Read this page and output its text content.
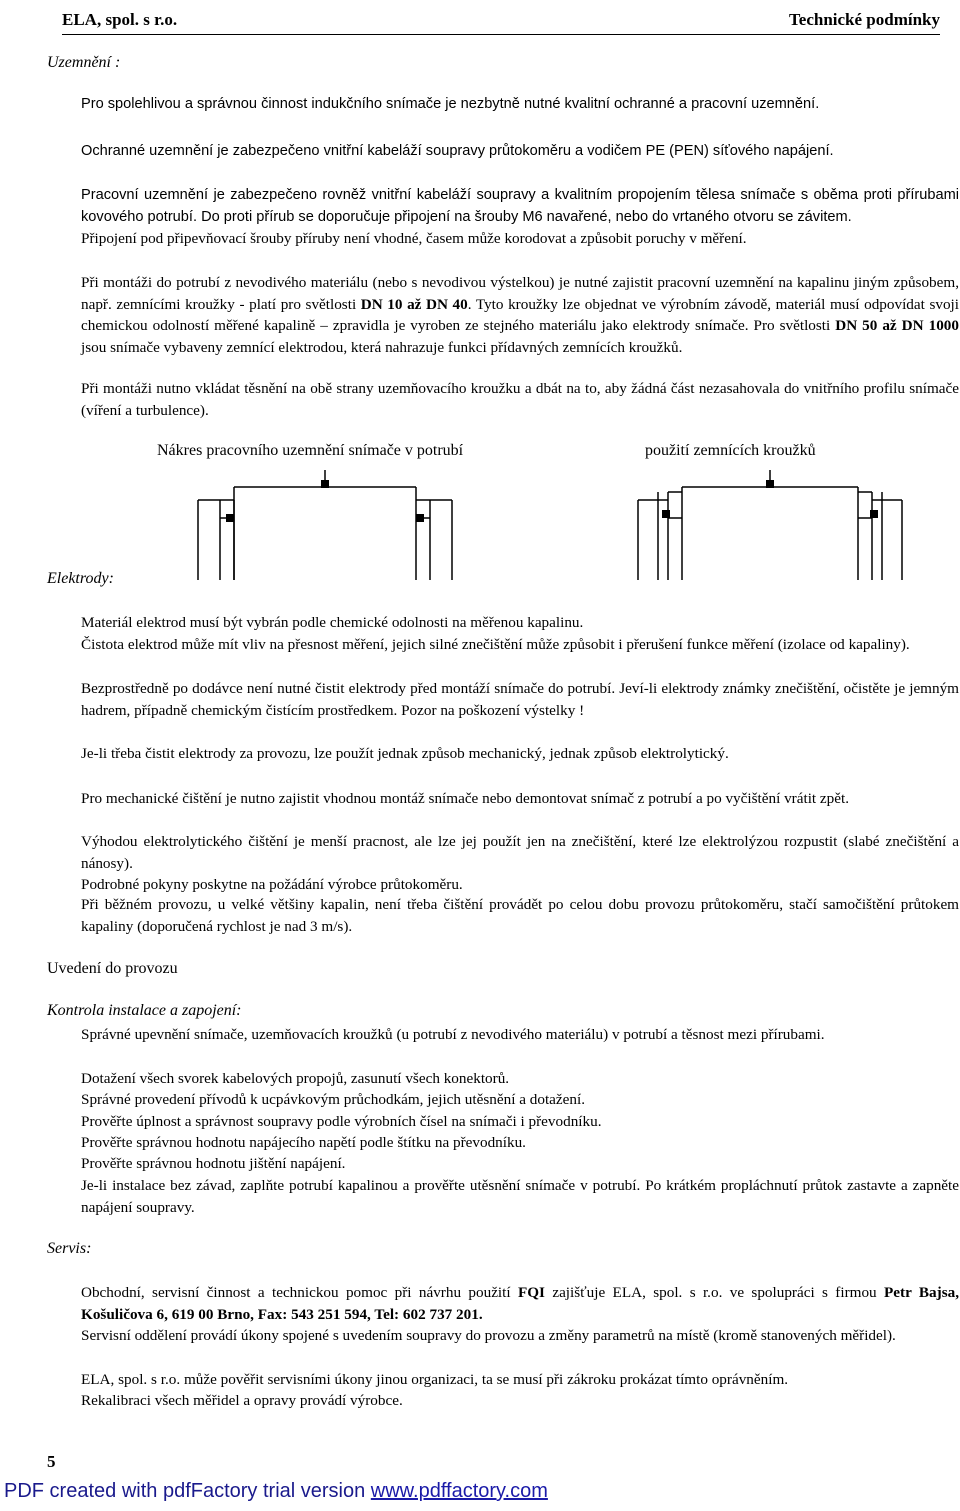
ELA, spol. s r.o.	Technické podmínky
Uzemnění :

Pro spolehlivou a správnou činnost indukčního snímače je nezbytně nutné kvalitní ochranné a pracovní uzemnění.

Ochranné uzemnění je zabezpečeno vnitřní kabeláží soupravy průtokoměru a vodičem PE (PEN) síťového napájení.

Pracovní uzemnění je zabezpečeno rovněž vnitřní kabeláží soupravy a kvalitním propojením tělesa snímače s oběma proti přírubami kovového potrubí. Do proti přírub se doporučuje připojení na šrouby M6 navařené, nebo do vrtaného otvoru se závitem.

Připojení pod připevňovací šrouby příruby není vhodné, časem může korodovat a způsobit poruchy v měření.

Při montáži do potrubí z nevodivého materiálu (nebo s nevodivou výstelkou) je nutné zajistit pracovní uzemnění na kapalinu jiným způsobem, např. zemnícími kroužky - platí pro světlosti DN 10 až DN 40. Tyto kroužky lze objednat ve výrobním závodě, materiál musí odpovídat svoji chemickou odolností měřené kapalině – zpravidla je vyroben ze stejného materiálu jako elektrody snímače. Pro světlosti DN 50 až DN 1000 jsou snímače vybaveny zemnící elektrodou, která nahrazuje funkci přídavných zemnících kroužků.

Při montáži nutno vkládat těsnění na obě strany uzemňovacího kroužku a dbát na to, aby žádná část nezasahovala do vnitřního profilu snímače (víření a turbulence).

Nákres pracovního uzemnění snímače v potrubí	použití zemnících kroužků
Elektrody:

Materiál elektrod musí být vybrán podle chemické odolnosti na měřenou kapalinu.

Čistota elektrod může mít vliv na přesnost měření, jejich silné znečištění může způsobit i přerušení funkce měření (izolace od kapaliny).

Bezprostředně po dodávce není nutné čistit elektrody před montáží snímače do potrubí. Jeví-li elektrody známky znečištění, očistěte je jemným hadrem, případně chemickým čistícím prostředkem. Pozor na poškození výstelky !

Je-li třeba čistit elektrody za provozu, lze použít jednak způsob mechanický, jednak způsob elektrolytický.

Pro mechanické čištění je nutno zajistit vhodnou montáž snímače nebo demontovat snímač z potrubí a po vyčištění vrátit zpět.

Výhodou elektrolytického čištění je menší pracnost, ale lze jej použít jen na znečištění, které lze elektrolýzou rozpustit (slabé znečištění a nánosy).

Podrobné pokyny poskytne na požádání výrobce průtokoměru.

Při běžném provozu, u velké většiny kapalin, není třeba čištění provádět po celou dobu provozu průtokoměru, stačí samočištění průtokem kapaliny (doporučená rychlost je nad 3 m/s).

Uvedení do provozu
Kontrola instalace a zapojení:

Správné upevnění snímače, uzemňovacích kroužků (u potrubí z nevodivého materiálu) v potrubí a těsnost mezi přírubami.

Dotažení všech svorek kabelových propojů, zasunutí všech konektorů.

Správné provedení přívodů k ucpávkovým průchodkám, jejich utěsnění a dotažení.

Prověřte úplnost a správnost soupravy podle výrobních čísel na snímači i převodníku.

Prověřte správnou hodnotu napájecího napětí podle štítku na převodníku.

Prověřte správnou hodnotu jištění napájení.

Je-li instalace bez závad, zaplňte potrubí kapalinou a prověřte utěsnění snímače v potrubí. Po krátkém propláchnutí průtok zastavte a zapněte napájení soupravy.

Servis:

Obchodní, servisní činnost a technickou pomoc při návrhu použití FQI zajišťuje ELA, spol. s r.o. ve spolupráci s firmou Petr Bajsa, Košuličova 6, 619 00 Brno, Fax: 543 251 594, Tel: 602 737 201.

Servisní oddělení provádí úkony spojené s uvedením soupravy do provozu a změny parametrů na místě (kromě stanovených měřidel).

ELA, spol. s r.o. může pověřit servisními úkony jinou organizaci, ta se musí při zákroku prokázat tímto oprávněním.

Rekalibraci všech měřidel a opravy provádí výrobce.

5
PDF created with pdfFactory trial version www.pdffactory.com
